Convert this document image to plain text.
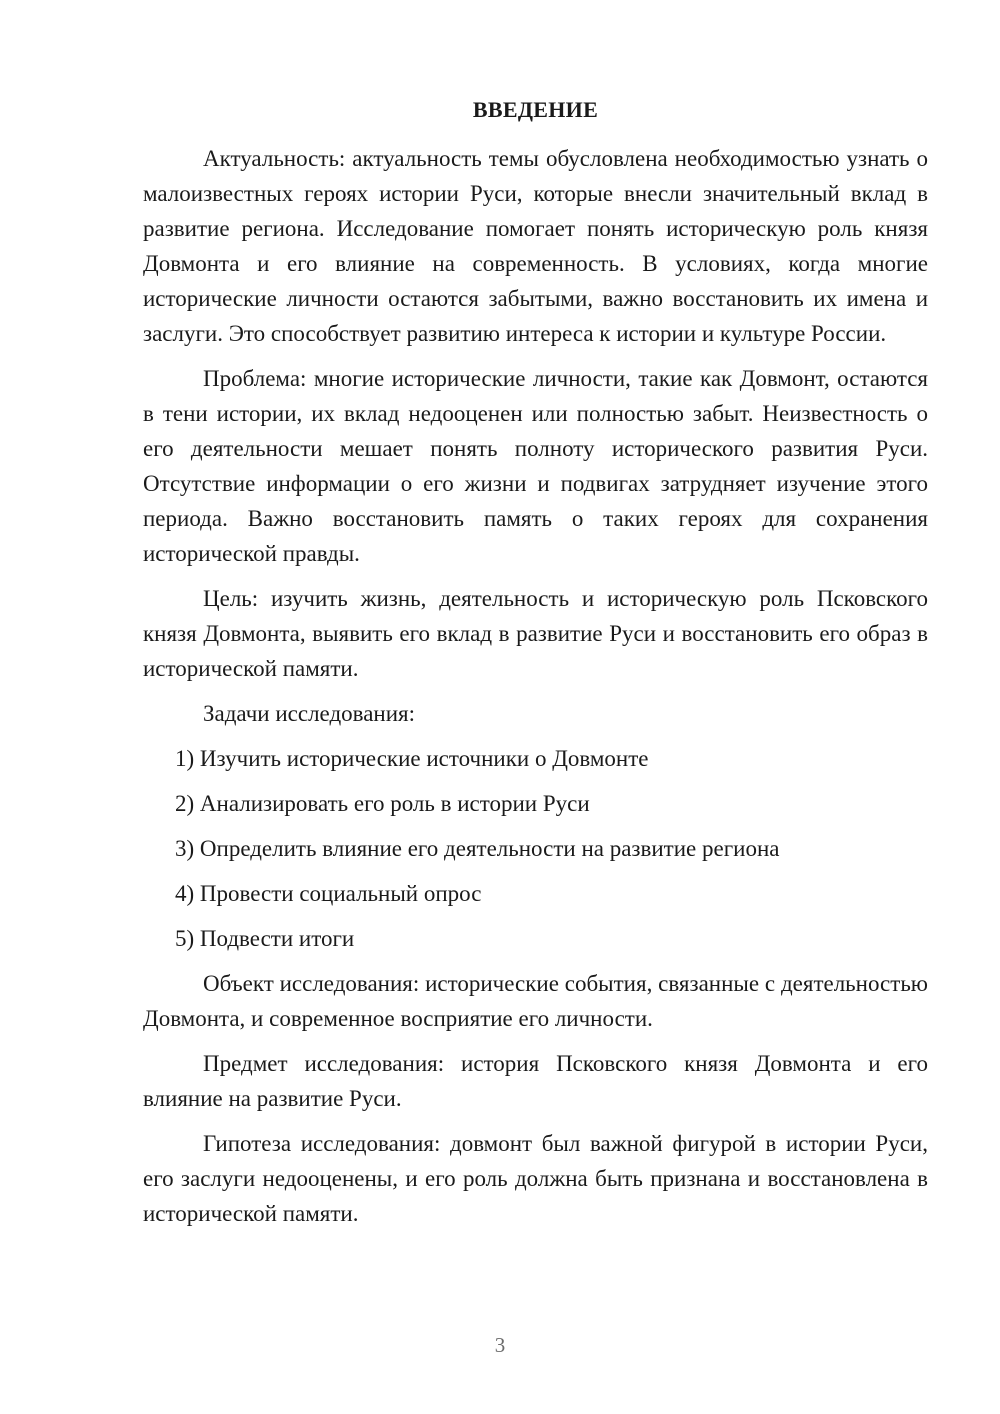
ВВЕДЕНИЕ

Актуальность: актуальность темы обусловлена необходимостью узнать о малоизвестных героях истории Руси, которые внесли значительный вклад в развитие региона. Исследование помогает понять историческую роль князя Довмонта и его влияние на современность. В условиях, когда многие исторические личности остаются забытыми, важно восстановить их имена и заслуги. Это способствует развитию интереса к истории и культуре России.

Проблема: многие исторические личности, такие как Довмонт, остаются в тени истории, их вклад недооценен или полностью забыт. Неизвестность о его деятельности мешает понять полноту исторического развития Руси. Отсутствие информации о его жизни и подвигах затрудняет изучение этого периода. Важно восстановить память о таких героях для сохранения исторической правды.

Цель: изучить жизнь, деятельность и историческую роль Псковского князя Довмонта, выявить его вклад в развитие Руси и восстановить его образ в исторической памяти.

Задачи исследования:

1) Изучить исторические источники о Довмонте

2) Анализировать его роль в истории Руси

3) Определить влияние его деятельности на развитие региона

4) Провести социальный опрос

5) Подвести итоги

Объект исследования: исторические события, связанные с деятельностью Довмонта, и современное восприятие его личности.

Предмет исследования: история Псковского князя Довмонта и его влияние на развитие Руси.

Гипотеза исследования: довмонт был важной фигурой в истории Руси, его заслуги недооценены, и его роль должна быть признана и восстановлена в исторической памяти.

3
